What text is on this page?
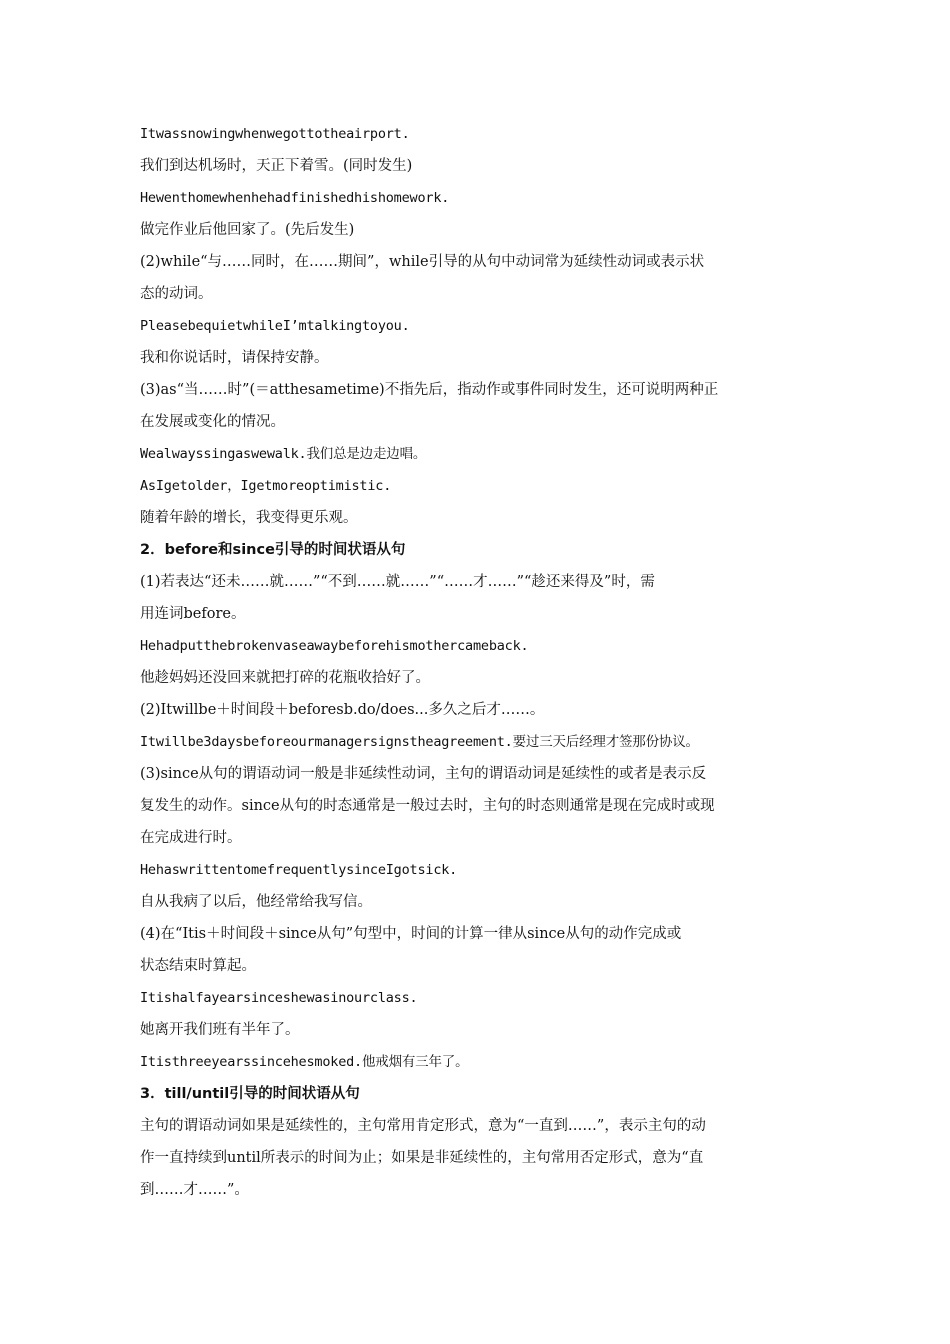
Itwassnowingwhenwegottotheairport.
我们到达机场时，天正下着雪。(同时发生)
Hewenthomewhenhehadfinishedhishomework.
做完作业后他回家了。(先后发生)
(2)while“与……同时，在……期间”，while引导的从句中动词常为延续性动词或表示状
态的动词。
PleasebequietwhileI’mtalkingtoyou.
我和你说话时，请保持安静。
(3)as“当……时”(＝atthesametime)不指先后，指动作或事件同时发生，还可说明两种正
在发展或变化的情况。
Wealwayssingaswewalk.我们总是边走边唱。
AsIgetolder，Igetmoreoptimistic.
随着年龄的增长，我变得更乐观。
2．before和since引导的时间状语从句
(1)若表达“还未……就……”“不到……就……”“……才……”“趁还来得及”时，需
用连词before。
Hehadputthebrokenvaseawaybeforehismothercameback.
他趁妈妈还没回来就把打碎的花瓶收拾好了。
(2)Itwillbe＋时间段＋beforesb.do/does...多久之后才……。
Itwillbe3daysbeforeourmanagersignstheagreement.要过三天后经理才签那份协议。
(3)since从句的谓语动词一般是非延续性动词，主句的谓语动词是延续性的或者是表示反
复发生的动作。since从句的时态通常是一般过去时，主句的时态则通常是现在完成时或现
在完成进行时。
HehaswrittentomefrequentlysinceIgotsick.
自从我病了以后，他经常给我写信。
(4)在“Itis＋时间段＋since从句”句型中，时间的计算一律从since从句的动作完成或
状态结束时算起。
Itishalfayearsinceshewasinourclass.
她离开我们班有半年了。
Itisthreeyearssincehesmoked.他戒烟有三年了。
3．till/until引导的时间状语从句
主句的谓语动词如果是延续性的，主句常用肯定形式，意为“一直到……”，表示主句的动
作一直持续到until所表示的时间为止；如果是非延续性的，主句常用否定形式，意为“直
到……才……”。
